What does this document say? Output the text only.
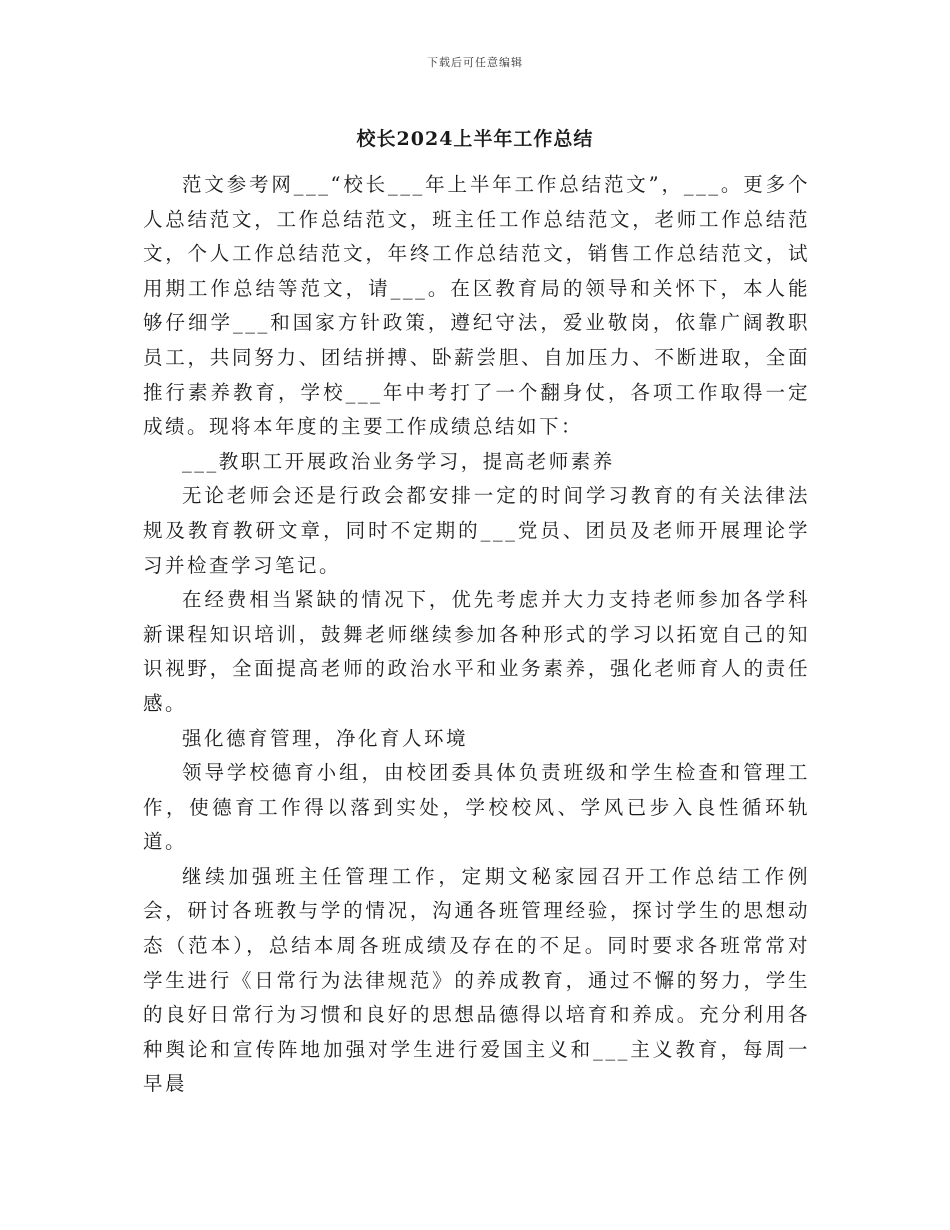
下载后可任意编辑
校长2024上半年工作总结

范文参考网___“校长___年上半年工作总结范文”，___。更多个人总结范文，工作总结范文，班主任工作总结范文，老师工作总结范文，个人工作总结范文，年终工作总结范文，销售工作总结范文，试用期工作总结等范文，请___。在区教育局的领导和关怀下，本人能够仔细学___和国家方针政策，遵纪守法，爱业敬岗，依靠广阔教职员工，共同努力、团结拼搏、卧薪尝胆、自加压力、不断进取，全面推行素养教育，学校___年中考打了一个翻身仗，各项工作取得一定成绩。现将本年度的主要工作成绩总结如下：

___教职工开展政治业务学习，提高老师素养

无论老师会还是行政会都安排一定的时间学习教育的有关法律法规及教育教研文章，同时不定期的___党员、团员及老师开展理论学习并检查学习笔记。

在经费相当紧缺的情况下，优先考虑并大力支持老师参加各学科新课程知识培训，鼓舞老师继续参加各种形式的学习以拓宽自己的知识视野，全面提高老师的政治水平和业务素养，强化老师育人的责任感。

强化德育管理，净化育人环境

领导学校德育小组，由校团委具体负责班级和学生检查和管理工作，使德育工作得以落到实处，学校校风、学风已步入良性循环轨道。

继续加强班主任管理工作，定期文秘家园召开工作总结工作例会，研讨各班教与学的情况，沟通各班管理经验，探讨学生的思想动态（范本），总结本周各班成绩及存在的不足。同时要求各班常常对学生进行《日常行为法律规范》的养成教育，通过不懈的努力，学生的良好日常行为习惯和良好的思想品德得以培育和养成。充分利用各种舆论和宣传阵地加强对学生进行爱国主义和___主义教育，每周一早晨
